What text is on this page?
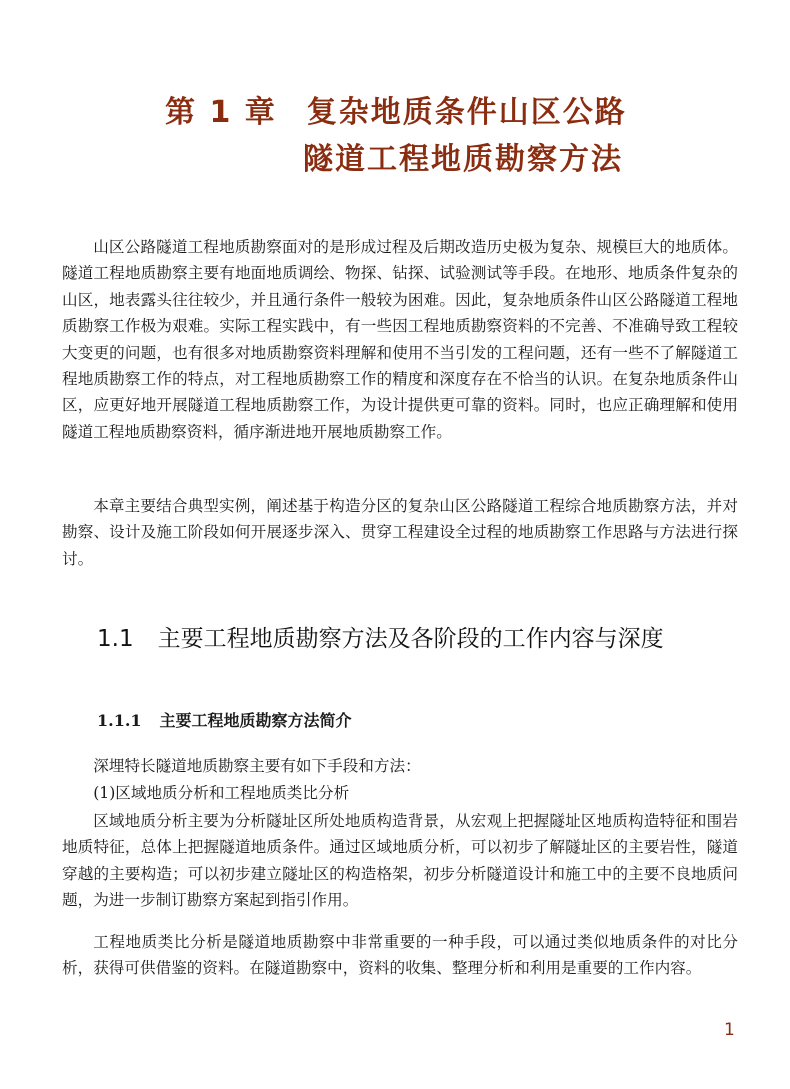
第 1 章 复杂地质条件山区公路
隧道工程地质勘察方法

山区公路隧道工程地质勘察面对的是形成过程及后期改造历史极为复杂、规模巨大的地质体。隧道工程地质勘察主要有地面地质调绘、物探、钻探、试验测试等手段。在地形、地质条件复杂的山区，地表露头往往较少，并且通行条件一般较为困难。因此，复杂地质条件山区公路隧道工程地质勘察工作极为艰难。实际工程实践中，有一些因工程地质勘察资料的不完善、不准确导致工程较大变更的问题，也有很多对地质勘察资料理解和使用不当引发的工程问题，还有一些不了解隧道工程地质勘察工作的特点，对工程地质勘察工作的精度和深度存在不恰当的认识。在复杂地质条件山区，应更好地开展隧道工程地质勘察工作，为设计提供更可靠的资料。同时，也应正确理解和使用隧道工程地质勘察资料，循序渐进地开展地质勘察工作。

本章主要结合典型实例，阐述基于构造分区的复杂山区公路隧道工程综合地质勘察方法，并对勘察、设计及施工阶段如何开展逐步深入、贯穿工程建设全过程的地质勘察工作思路与方法进行探讨。

1.1 主要工程地质勘察方法及各阶段的工作内容与深度
1.1.1 主要工程地质勘察方法简介

深埋特长隧道地质勘察主要有如下手段和方法：

(1)区域地质分析和工程地质类比分析

区域地质分析主要为分析隧址区所处地质构造背景，从宏观上把握隧址区地质构造特征和围岩地质特征，总体上把握隧道地质条件。通过区域地质分析，可以初步了解隧址区的主要岩性，隧道穿越的主要构造；可以初步建立隧址区的构造格架，初步分析隧道设计和施工中的主要不良地质问题，为进一步制订勘察方案起到指引作用。

工程地质类比分析是隧道地质勘察中非常重要的一种手段，可以通过类似地质条件的对比分析，获得可供借鉴的资料。在隧道勘察中，资料的收集、整理分析和利用是重要的工作内容。

1
